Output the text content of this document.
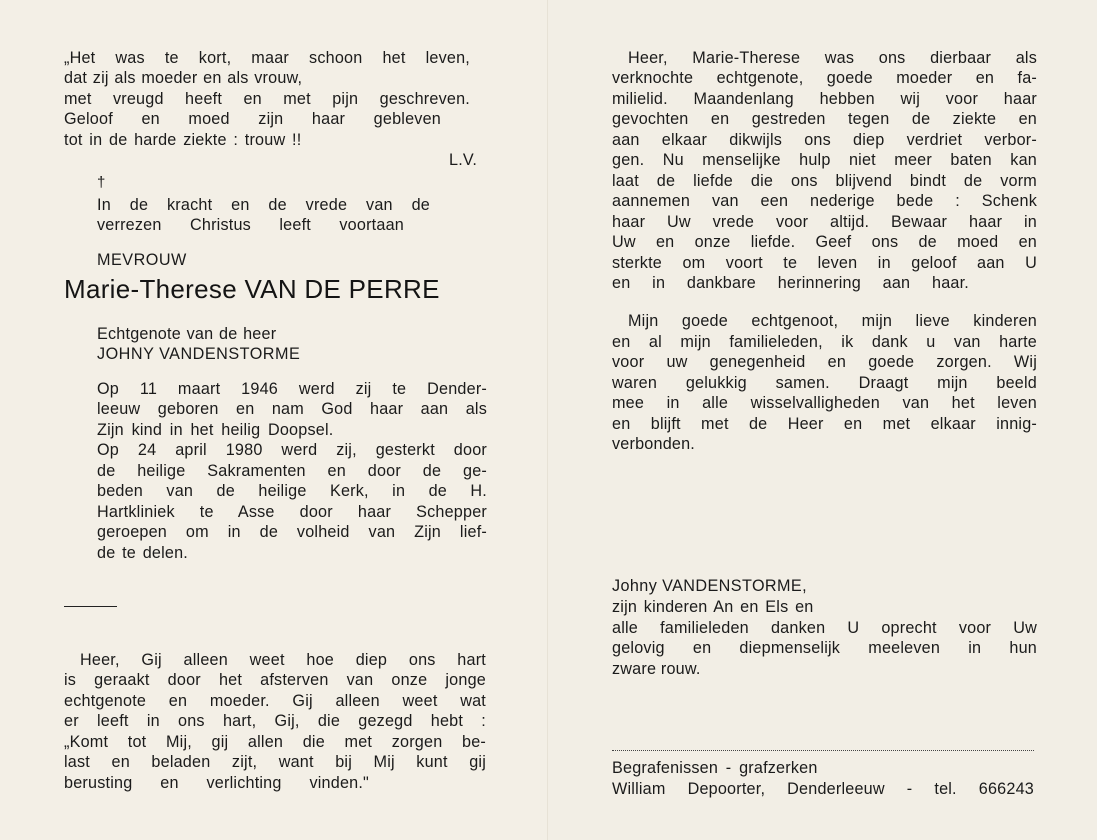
„Het was te kort, maar schoon het leven,
dat zij als moeder en als vrouw,
met vreugd heeft en met pijn geschreven.
Geloof en moed zijn haar gebleven
tot in de harde ziekte : trouw !!
L.V.
†
In de kracht en de vrede van de
verrezen Christus leeft voortaan
MEVROUW
Marie-Therese VAN DE PERRE
Echtgenote van de heer
JOHNY VANDENSTORME
Op 11 maart 1946 werd zij te Dender-
leeuw geboren en nam God haar aan als
Zijn kind in het heilig Doopsel.
Op 24 april 1980 werd zij, gesterkt door
de heilige Sakramenten en door de ge-
beden van de heilige Kerk, in de H.
Hartkliniek te Asse door haar Schepper
geroepen om in de volheid van Zijn lief-
de te delen.
Heer, Gij alleen weet hoe diep ons hart
is geraakt door het afsterven van onze jonge
echtgenote en moeder. Gij alleen weet wat
er leeft in ons hart, Gij, die gezegd hebt :
„Komt tot Mij, gij allen die met zorgen be-
last en beladen zijt, want bij Mij kunt gij
berusting en verlichting vinden."
Heer, Marie-Therese was ons dierbaar als
verknochte echtgenote, goede moeder en fa-
milielid. Maandenlang hebben wij voor haar
gevochten en gestreden tegen de ziekte en
aan elkaar dikwijls ons diep verdriet verbor-
gen. Nu menselijke hulp niet meer baten kan
laat de liefde die ons blijvend bindt de vorm
aannemen van een nederige bede : Schenk
haar Uw vrede voor altijd. Bewaar haar in
Uw en onze liefde. Geef ons de moed en
sterkte om voort te leven in geloof aan U
en in dankbare herinnering aan haar.
Mijn goede echtgenoot, mijn lieve kinderen
en al mijn familieleden, ik dank u van harte
voor uw genegenheid en goede zorgen. Wij
waren gelukkig samen. Draagt mijn beeld
mee in alle wisselvalligheden van het leven
en blijft met de Heer en met elkaar innig-
verbonden.
Johny VANDENSTORME,
zijn kinderen An en Els en
alle familieleden danken U oprecht voor Uw
gelovig en diepmenselijk meeleven in hun
zware rouw.
Begrafenissen - grafzerken
William Depoorter, Denderleeuw - tel. 666243
